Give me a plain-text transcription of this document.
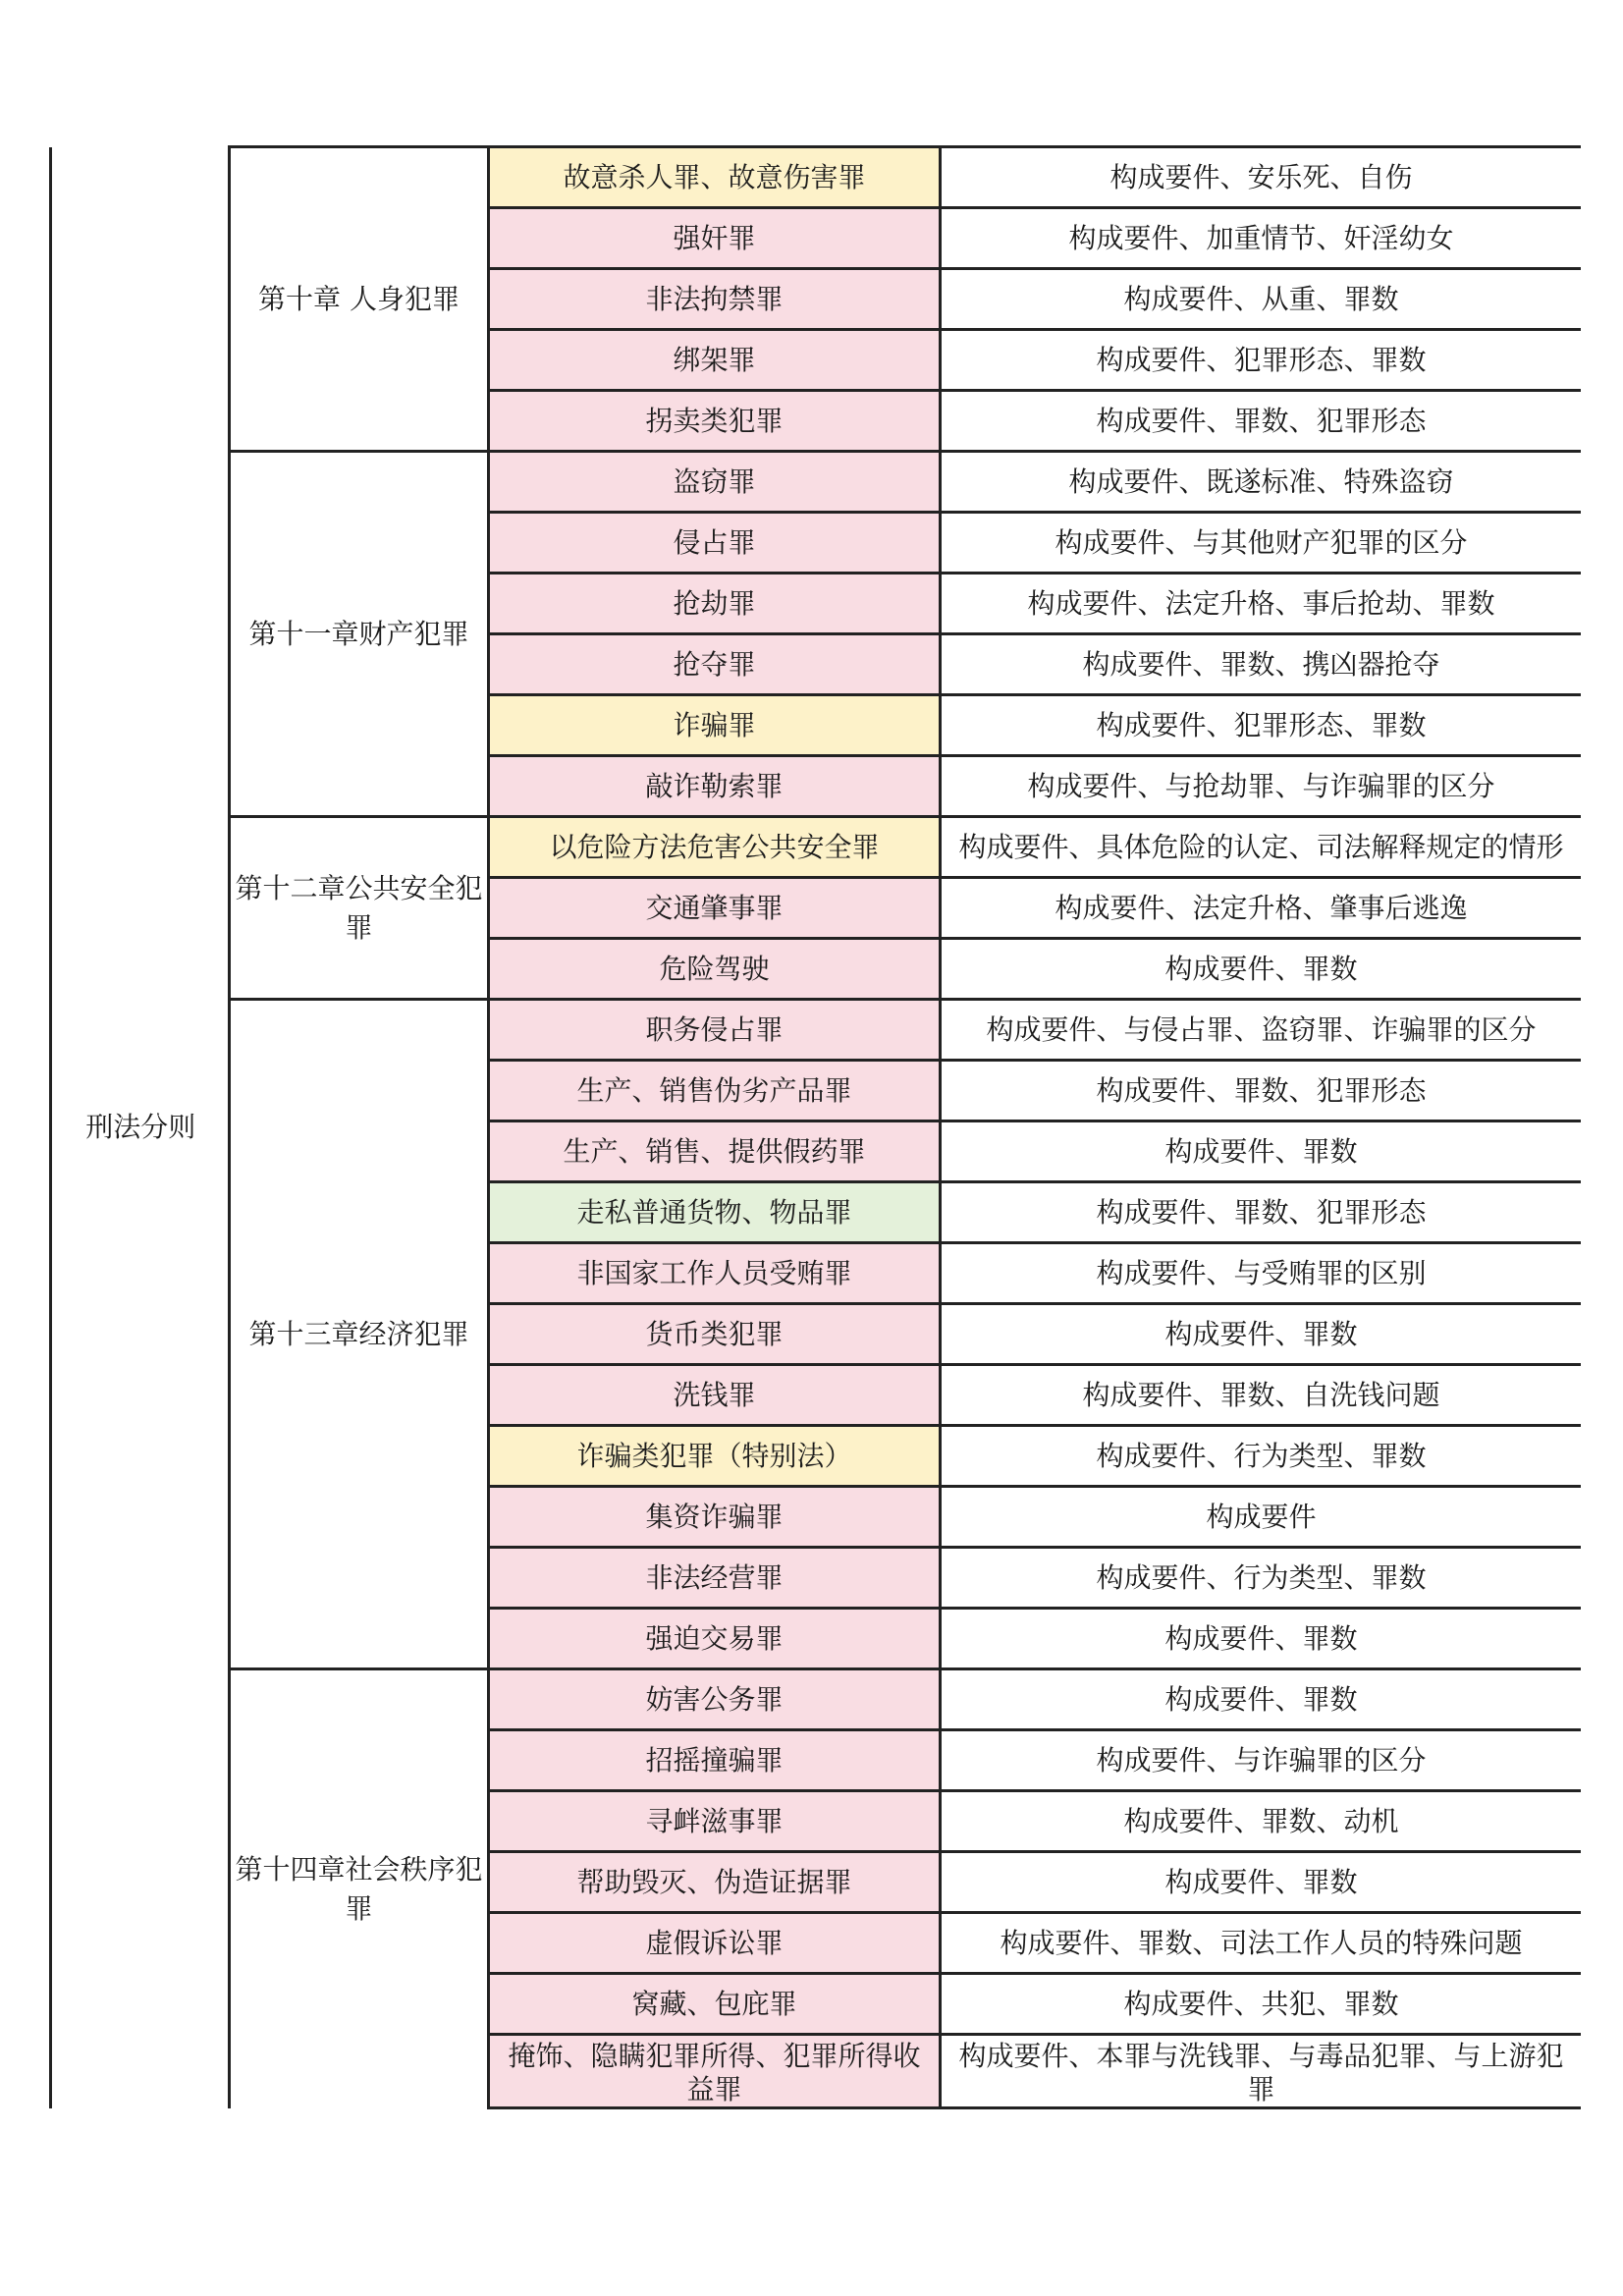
刑法分则		第十章 人身犯罪	故意杀人罪、故意伤害罪	构成要件、安乐死、自伤
		强奸罪	构成要件、加重情节、奸淫幼女
		非法拘禁罪	构成要件、从重、罪数
		绑架罪	构成要件、犯罪形态、罪数
		拐卖类犯罪	构成要件、罪数、犯罪形态
	第十一章财产犯罪	盗窃罪	构成要件、既遂标准、特殊盗窃
		侵占罪	构成要件、与其他财产犯罪的区分
		抢劫罪	构成要件、法定升格、事后抢劫、罪数
		抢夺罪	构成要件、罪数、携凶器抢夺
		诈骗罪	构成要件、犯罪形态、罪数
		敲诈勒索罪	构成要件、与抢劫罪、与诈骗罪的区分
	第十二章公共安全犯罪	以危险方法危害公共安全罪	构成要件、具体危险的认定、司法解释规定的情形
		交通肇事罪	构成要件、法定升格、肇事后逃逸
		危险驾驶	构成要件、罪数
	第十三章经济犯罪	职务侵占罪	构成要件、与侵占罪、盗窃罪、诈骗罪的区分
		生产、销售伪劣产品罪	构成要件、罪数、犯罪形态
		生产、销售、提供假药罪	构成要件、罪数
		走私普通货物、物品罪	构成要件、罪数、犯罪形态
		非国家工作人员受贿罪	构成要件、与受贿罪的区别
		货币类犯罪	构成要件、罪数
		洗钱罪	构成要件、罪数、自洗钱问题
		诈骗类犯罪（特别法）	构成要件、行为类型、罪数
		集资诈骗罪	构成要件
		非法经营罪	构成要件、行为类型、罪数
		强迫交易罪	构成要件、罪数
	第十四章社会秩序犯罪	妨害公务罪	构成要件、罪数
		招摇撞骗罪	构成要件、与诈骗罪的区分
		寻衅滋事罪	构成要件、罪数、动机
		帮助毁灭、伪造证据罪	构成要件、罪数
		虚假诉讼罪	构成要件、罪数、司法工作人员的特殊问题
		窝藏、包庇罪	构成要件、共犯、罪数
		掩饰、隐瞒犯罪所得、犯罪所得收益罪	构成要件、本罪与洗钱罪、与毒品犯罪、与上游犯罪
